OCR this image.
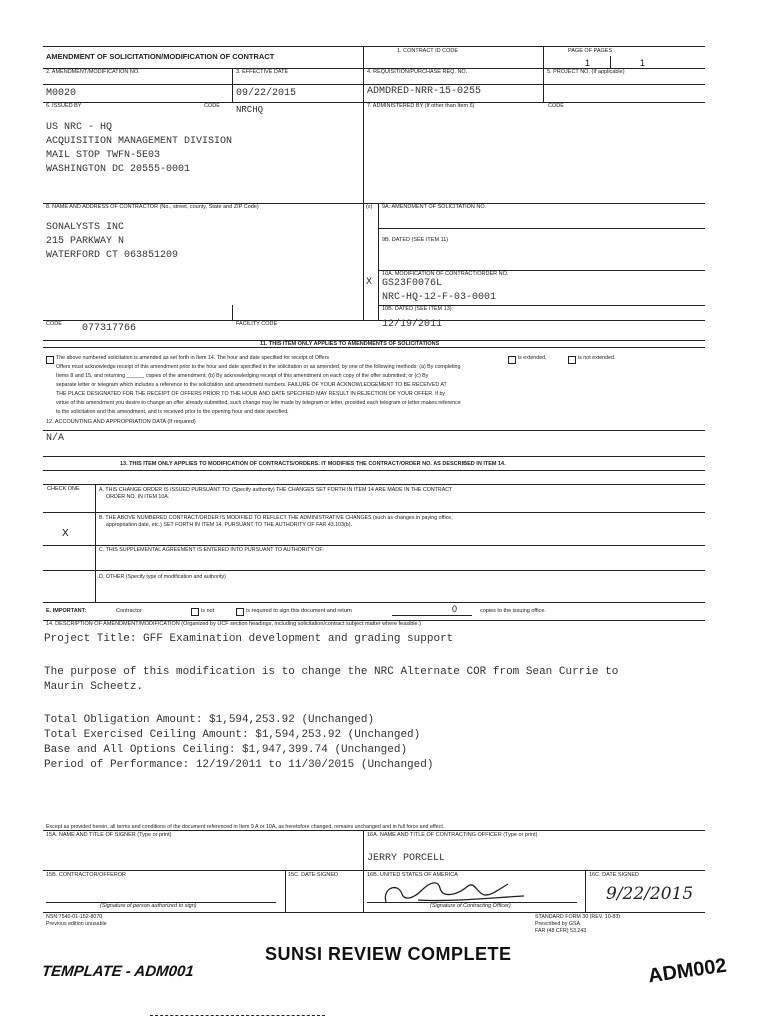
AMENDMENT OF SOLICITATION/MODIFICATION OF CONTRACT
1. CONTRACT ID CODE	PAGE OF PAGES
1	1
2. AMENDMENT/MODIFICATION NO.
M0020
3. EFFECTIVE DATE
09/22/2015
4. REQUISITION/PURCHASE REQ. NO.
ADMDRED-NRR-15-0255
5. PROJECT NO. (If applicable)
6. ISSUED BY	CODE NRCHQ
US NRC - HQ
ACQUISITION MANAGEMENT DIVISION
MAIL STOP TWFN-5E03
WASHINGTON DC 20555-0001
7. ADMINISTERED BY (If other than Item 6)	CODE
8. NAME AND ADDRESS OF CONTRACTOR (No., street, county, State and ZIP Code)
SONALYSTS INC
215 PARKWAY N
WATERFORD CT 063851209
(x) 9A. AMENDMENT OF SOLICITATION NO.
9B. DATED (SEE ITEM 11)
X
10A. MODIFICATION OF CONTRACT/ORDER NO.
GS23F0076L
NRC-HQ-12-F-03-0001
10B. DATED (SEE ITEM 13)
12/19/2011
CODE 077317766	FACILITY CODE
11. THIS ITEM ONLY APPLIES TO AMENDMENTS OF SOLICITATIONS
The above numbered solicitation is amended as set forth in Item 14. The hour and date specified for receipt of Offers	is extended,	is not extended.
Offers must acknowledge receipt of this amendment prior to the hour and date specified in the solicitation or as amended, by one of the following methods: (a) By completing
Items 8 and 15, and returning ______ copies of the amendment; (b) By acknowledging receipt of this amendment on each copy of the offer submitted; or (c) By
separate letter or telegram which includes a reference to the solicitation and amendment numbers. FAILURE OF YOUR ACKNOWLEDGEMENT TO BE RECEIVED AT
THE PLACE DESIGNATED FOR THE RECEIPT OF OFFERS PRIOR TO THE HOUR AND DATE SPECIFIED MAY RESULT IN REJECTION OF YOUR OFFER. If by
virtue of this amendment you desire to change an offer already submitted, such change may be made by telegram or letter, provided each telegram or letter makes reference
to the solicitation and this amendment, and is received prior to the opening hour and date specified.
12. ACCOUNTING AND APPROPRIATION DATA (If required)
N/A
13. THIS ITEM ONLY APPLIES TO MODIFICATION OF CONTRACTS/ORDERS. IT MODIFIES THE CONTRACT/ORDER NO. AS DESCRIBED IN ITEM 14.
CHECK ONE	A. THIS CHANGE ORDER IS ISSUED PURSUANT TO: (Specify authority) THE CHANGES SET FORTH IN ITEM 14 ARE MADE IN THE CONTRACT
ORDER NO. IN ITEM 10A.
B. THE ABOVE NUMBERED CONTRACT/ORDER IS MODIFIED TO REFLECT THE ADMINISTRATIVE CHANGES (such as changes in paying office,
appropriation date, etc.) SET FORTH IN ITEM 14, PURSUANT TO THE AUTHORITY OF FAR 43.103(b).
X
C. THIS SUPPLEMENTAL AGREEMENT IS ENTERED INTO PURSUANT TO AUTHORITY OF:
D. OTHER (Specify type of modification and authority)
E. IMPORTANT:	Contractor	is not	is required to sign this document and return	0	copies to the issuing office.
14. DESCRIPTION OF AMENDMENT/MODIFICATION (Organized by UCF section headings, including solicitation/contract subject matter where feasible.)
Project Title: GFF Examination development and grading support
The purpose of this modification is to change the NRC Alternate COR from Sean Currie to
Maurin Scheetz.
Total Obligation Amount: $1,594,253.92 (Unchanged)
Total Exercised Ceiling Amount: $1,594,253.92 (Unchanged)
Base and All Options Ceiling: $1,947,399.74 (Unchanged)
Period of Performance: 12/19/2011 to 11/30/2015 (Unchanged)
Except as provided herein, all terms and conditions of the document referenced in Item 9 A or 10A, as heretofore changed, remains unchanged and in full force and effect.
15A. NAME AND TITLE OF SIGNER (Type or print)	16A. NAME AND TITLE OF CONTRACTING OFFICER (Type or print)
JERRY PORCELL
15B. CONTRACTOR/OFFEROR
(Signature of person authorized to sign)
15C. DATE SIGNED	16B. UNITED STATES OF AMERICA
(Signature of Contracting Officer)
16C. DATE SIGNED
9/22/2015
NSN 7540-01-152-8070
Previous edition unusable
STANDARD FORM 30 (REV. 10-83)
Prescribed by GSA
FAR (48 CFR) 53.243
SUNSI REVIEW COMPLETE
TEMPLATE - ADM001	ADM002
